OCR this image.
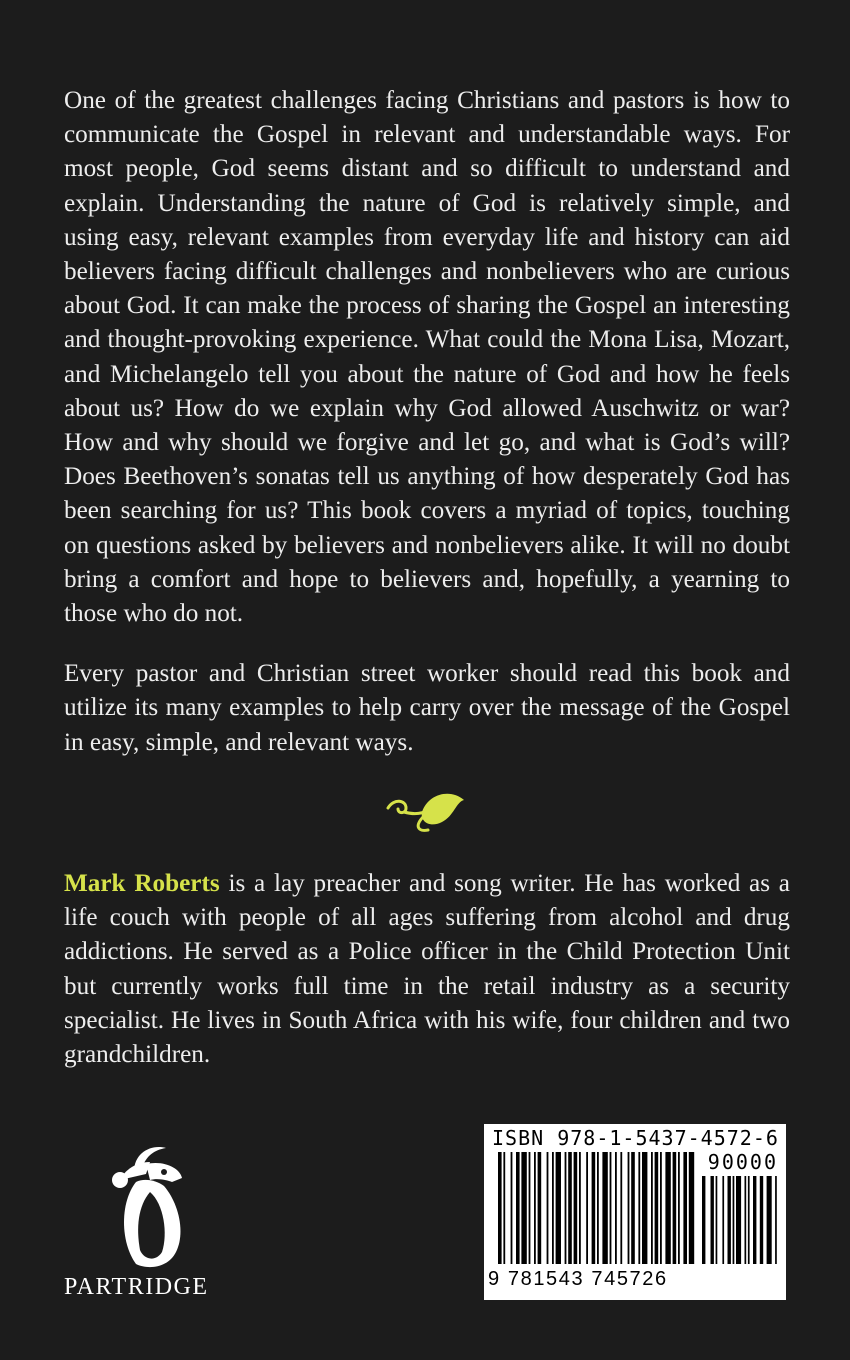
One of the greatest challenges facing Christians and pastors is how to communicate the Gospel in relevant and understandable ways. For most people, God seems distant and so difficult to understand and explain. Understanding the nature of God is relatively simple, and using easy, relevant examples from everyday life and history can aid believers facing difficult challenges and nonbelievers who are curious about God. It can make the process of sharing the Gospel an interesting and thought-provoking experience. What could the Mona Lisa, Mozart, and Michelangelo tell you about the nature of God and how he feels about us? How do we explain why God allowed Auschwitz or war? How and why should we forgive and let go, and what is God’s will? Does Beethoven’s sonatas tell us anything of how desperately God has been searching for us? This book covers a myriad of topics, touching on questions asked by believers and nonbelievers alike. It will no doubt bring a comfort and hope to believers and, hopefully, a yearning to those who do not.

Every pastor and Christian street worker should read this book and utilize its many examples to help carry over the message of the Gospel in easy, simple, and relevant ways.

Mark Roberts is a lay preacher and song writer. He has worked as a life couch with people of all ages suffering from alcohol and drug addictions. He served as a Police officer in the Child Protection Unit but currently works full time in the retail industry as a security specialist. He lives in South Africa with his wife, four children and two grandchildren.

PARTRIDGE
ISBN 978-1-5437-4572-6
90000
9 781543 745726
